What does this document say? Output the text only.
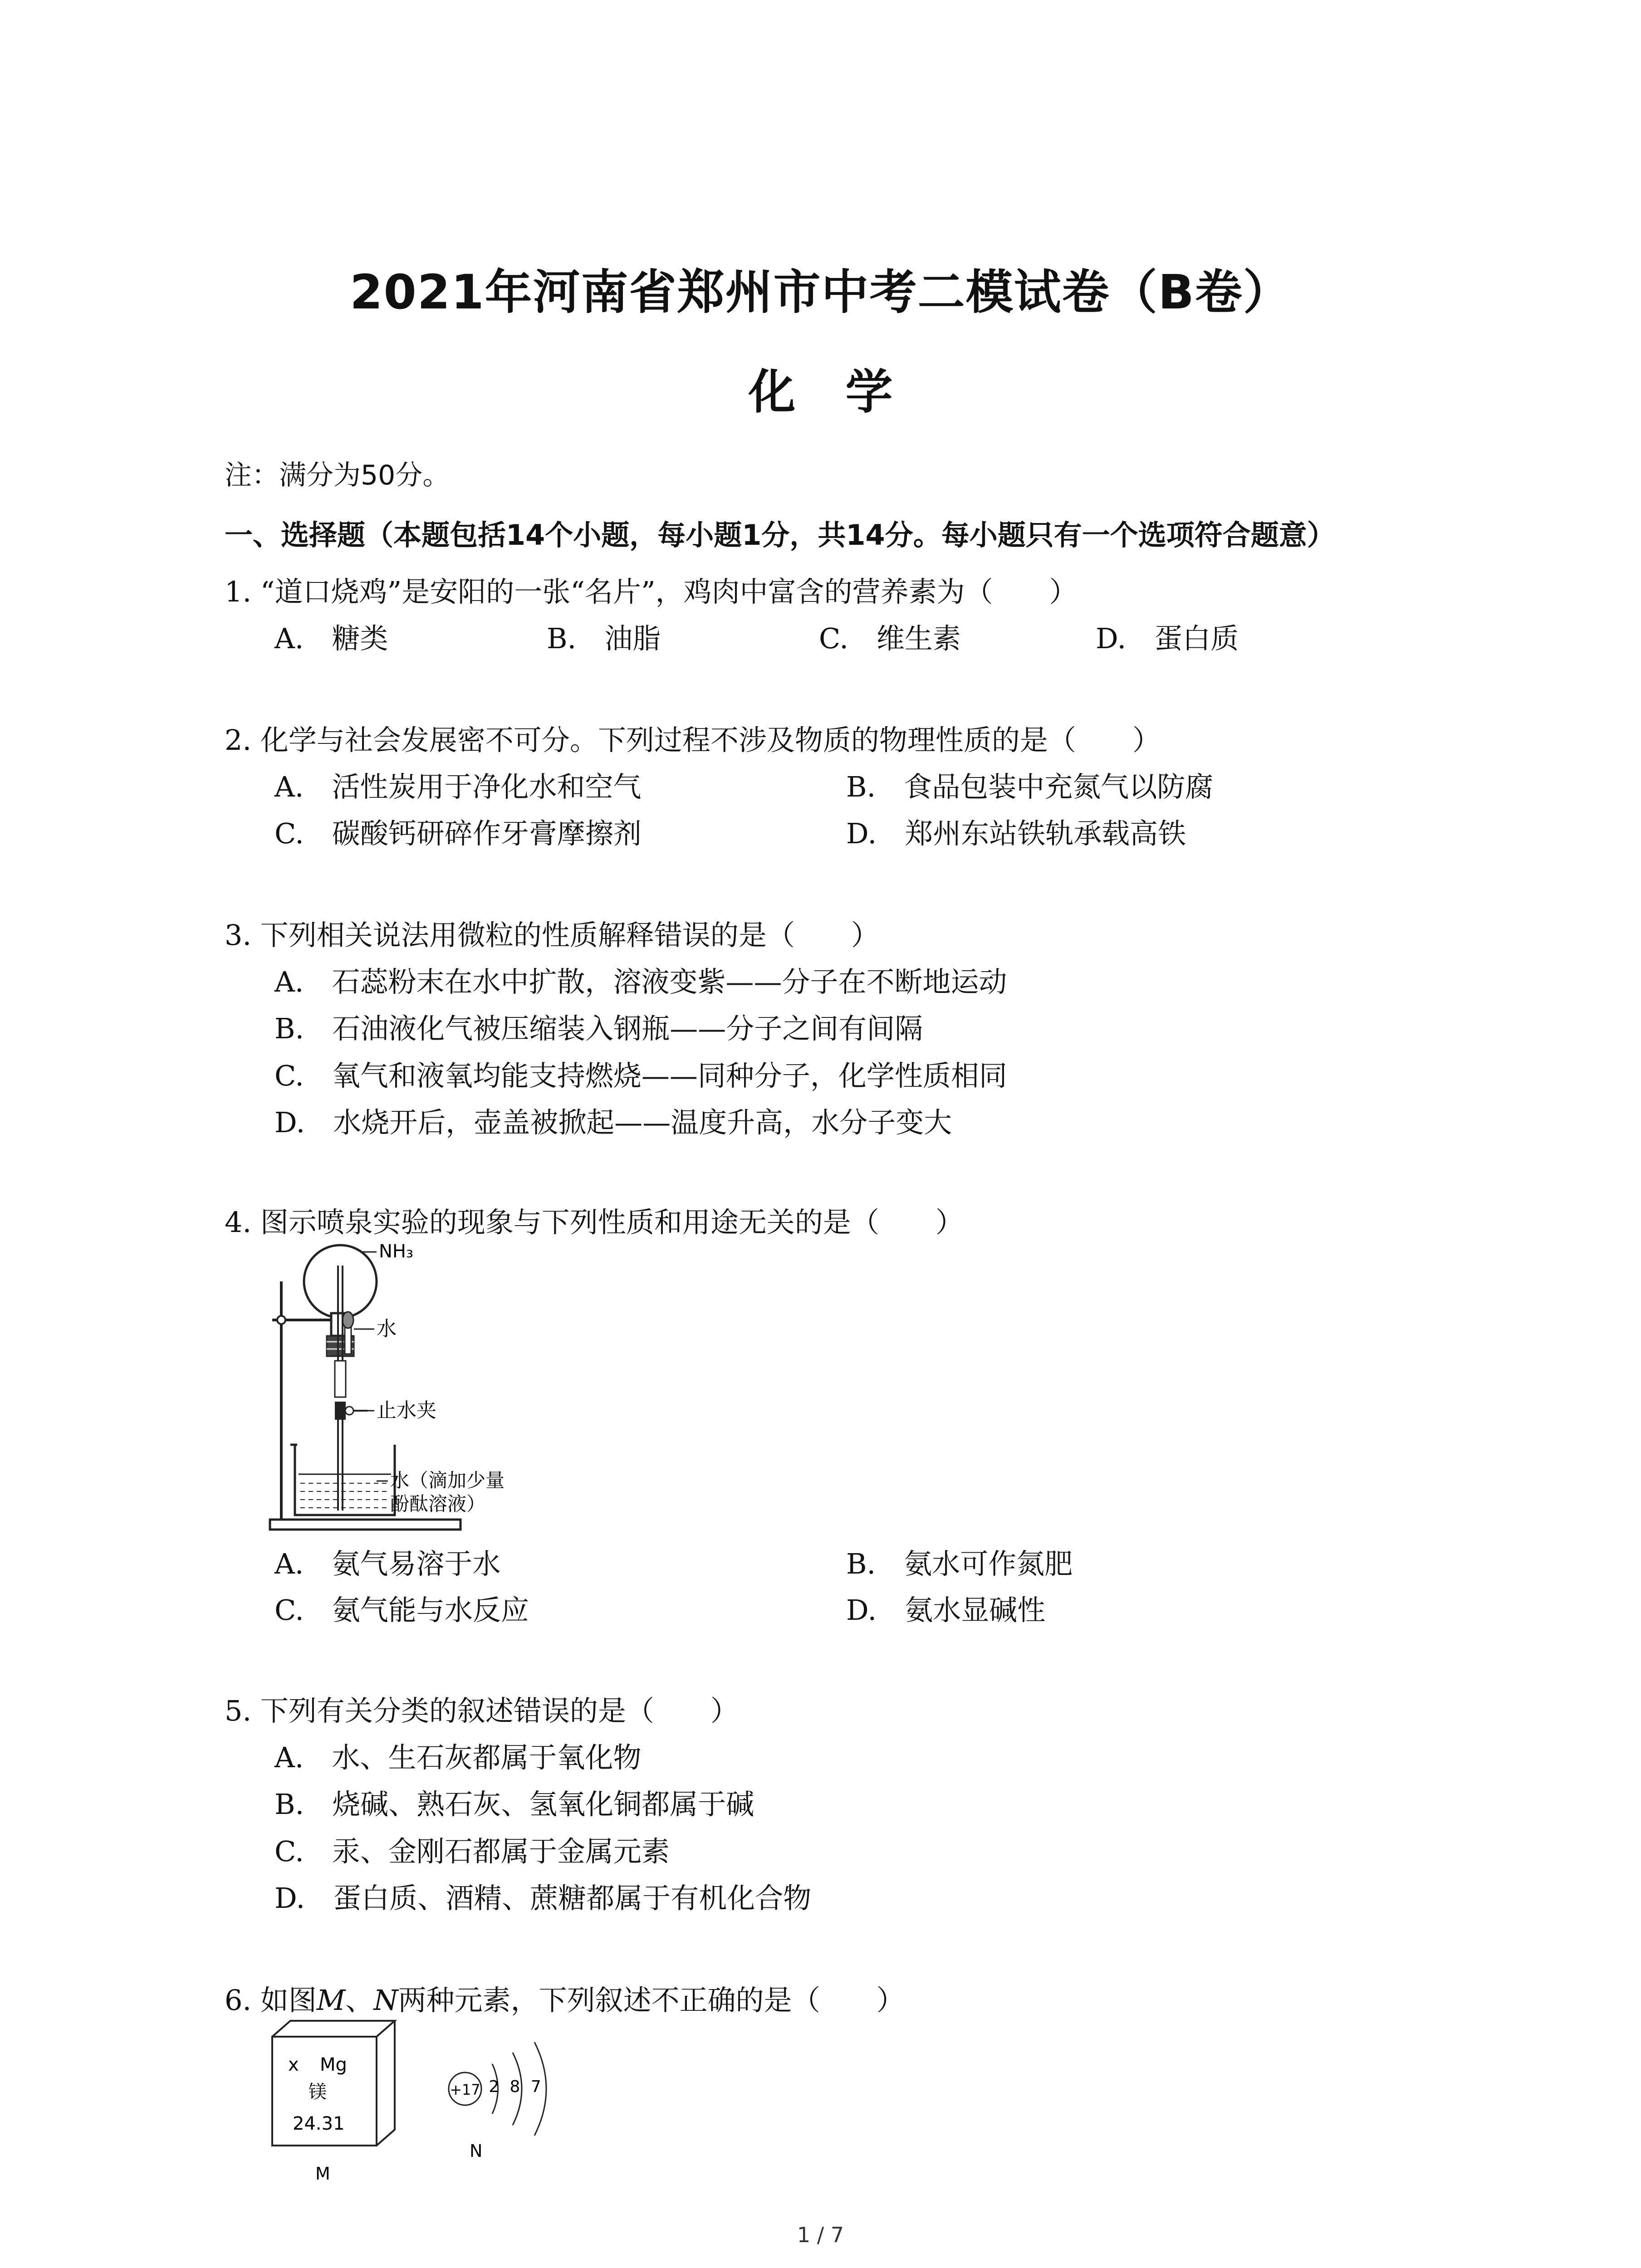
2021年河南省郑州市中考二模试卷（B卷）
化学
注：满分为50分。
一、选择题（本题包括14个小题，每小题1分，共14分。每小题只有一个选项符合题意）
1. “道口烧鸡”是安阳的一张“名片”，鸡肉中富含的营养素为（　　）
A.　糖类	B.　油脂	C.　维生素	D.　蛋白质
2. 化学与社会发展密不可分。下列过程不涉及物质的物理性质的是（　　）
A.　活性炭用于净化水和空气	B.　食品包装中充氮气以防腐
C.　碳酸钙研碎作牙膏摩擦剂	D.　郑州东站铁轨承载高铁
3. 下列相关说法用微粒的性质解释错误的是（　　）
A.　石蕊粉末在水中扩散，溶液变紫——分子在不断地运动
B.　石油液化气被压缩装入钢瓶——分子之间有间隔
C.　氧气和液氧均能支持燃烧——同种分子，化学性质相同
D.　水烧开后，壶盖被掀起——温度升高，水分子变大
4. 图示喷泉实验的现象与下列性质和用途无关的是（　　）
NH₃
水
止水夹
水（滴加少量
酚酞溶液）
A.　氨气易溶于水	B.　氨水可作氮肥
C.　氨气能与水反应	D.　氨水显碱性
5. 下列有关分类的叙述错误的是（　　）
A.　水、生石灰都属于氧化物
B.　烧碱、熟石灰、氢氧化铜都属于碱
C.　汞、金刚石都属于金属元素
D.　蛋白质、酒精、蔗糖都属于有机化合物
6. 如图M、N两种元素，下列叙述不正确的是（　　）
x Mg
镁
24.31
M
+17 2 8 7
N
1 / 7
